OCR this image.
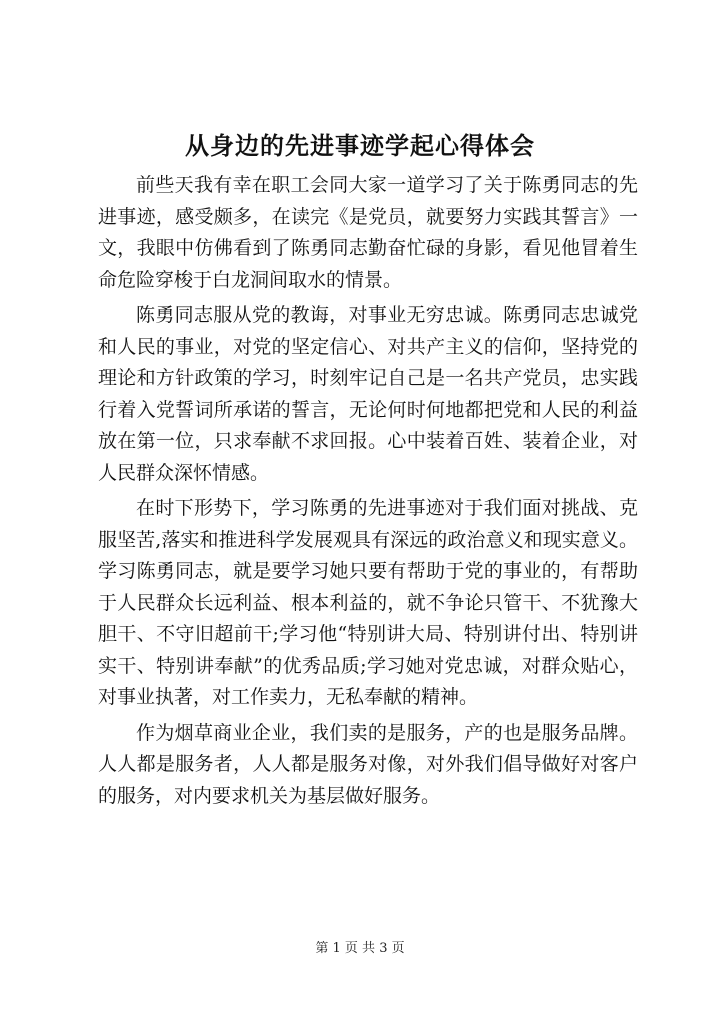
从身边的先进事迹学起心得体会

前些天我有幸在职工会同大家一道学习了关于陈勇同志的先进事迹，感受颇多，在读完《是党员，就要努力实践其誓言》一文，我眼中仿佛看到了陈勇同志勤奋忙碌的身影，看见他冒着生命危险穿梭于白龙洞间取水的情景。

陈勇同志服从党的教诲，对事业无穷忠诚。陈勇同志忠诚党和人民的事业，对党的坚定信心、对共产主义的信仰，坚持党的理论和方针政策的学习，时刻牢记自己是一名共产党员，忠实践行着入党誓词所承诺的誓言，无论何时何地都把党和人民的利益放在第一位，只求奉献不求回报。心中装着百姓、装着企业，对人民群众深怀情感。

在时下形势下，学习陈勇的先进事迹对于我们面对挑战、克服坚苦,落实和推进科学发展观具有深远的政治意义和现实意义。学习陈勇同志，就是要学习她只要有帮助于党的事业的，有帮助于人民群众长远利益、根本利益的，就不争论只管干、不犹豫大胆干、不守旧超前干;学习他“特别讲大局、特别讲付出、特别讲实干、特别讲奉献”的优秀品质;学习她对党忠诚，对群众贴心，对事业执著，对工作卖力，无私奉献的精神。

作为烟草商业企业，我们卖的是服务，产的也是服务品牌。人人都是服务者，人人都是服务对像，对外我们倡导做好对客户的服务，对内要求机关为基层做好服务。

第 1 页 共 3 页
